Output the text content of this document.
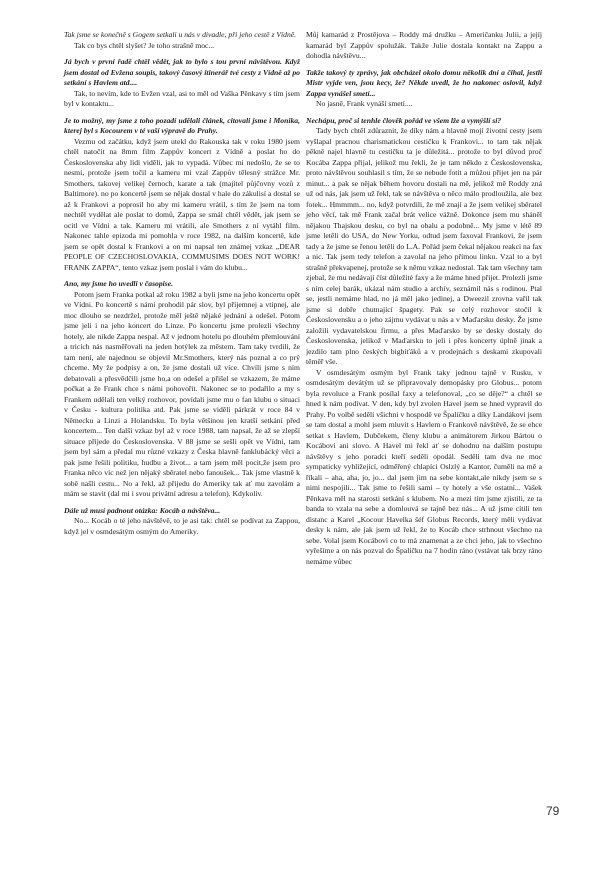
Tak jsme se konečně s Gogem setkali u nás v divadle, při jeho cestě z Vídně.

Tak co bys chtěl slyšet? Je toho strašně moc...

Já bych v první řadě chtěl vědět, jak to bylo s tou první návštěvou. Když jsem dostal od Evžena soupis, takový časový itinerář tvé cesty z Vídně až po setkání s Havlem atd....

Tak, to nevím, kde to Evžen vzal, asi to měl od Vaška Pěnkavy s tím jsem byl v kontaktu...

Je to možný, my jsme z toho pozadí udělali článek, citovali jsme i Monika, kterej byl s Kocourem v té vaší výpravě do Prahy.

Vezmu od začátku, když jsem utekl do Rakouska tak v roku 1980 jsem chtěl natočit na 8mm film Zappův koncert z Vídně a poslat ho do Československa aby lidi viděli, jak to vypadá. Vůbec mi nedošlo, že se to nesmí, protože jsem točil a kameru mi vzal Zappův tělesný strážce Mr. Smothers, takovej velikej černoch, karate a tak (majitel půjčovny vozů z Baltimore). no po koncertě jsem se nějak dostal v hale do zákulisí a dostal se až k Frankovi a poprosil ho aby mi kameru vrátil, s tím že jsem na tom nechtěl vydělat ale poslat to domů, Zappa se smál chtěl vědět, jak jsem se ocitl ve Vídni a tak. Kameru mi vrátili, ale Smothers z ní vytáhl film. Nakonec tahle epizoda mi pomohla v roce 1982, na dalším koncertě, kde jsem se opět dostal k Frankovi a on mi napsal ten známej vzkaz „DEAR PEOPLE OF CZECHOSLOVAKIA, COMMUSIMS DOES NOT WORK! FRANK ZAPPA“, tento vzkaz jsem poslal i vám do klubu...

Ano, my jsme ho uvedli v časopise.

Potom jsem Franka potkal až roku 1982 a byli jsme na jeho koncertu opět ve Vídni. Po koncertě s námi prohodil pár slov, byl příjemnej a vtipnej, ale moc dlouho se nezdržel, protože měl ještě nějaké jednání a odešel. Potom jsme jeli i na jeho koncert do Linze. Po koncertu jsme prolezli všechny hotely, ale nikde Zappa nespal. Až v jednom hotelu po dlouhém přemlouvání a tricích nás nasměřovali na jeden hotýlek za městem. Tam taky tvrdili, že tam není, ale najednou se objevil Mr.Smothers, který nás poznal a co prý chceme. My že podpisy a on, že jsme dostali už více. Chvíli jsme s ním debatovali a přesvědčili jsme ho,a on odešel a přišel se vzkazem, že máme počkat a že Frank chce s námi pohovořit. Nakonec se to podařilo a my s Frankem udělali ten velký rozhovor, povídali jsme mu o fan klubu o situaci v Česku - kultura politika atd. Pak jsme se viděli párkrát v roce 84 v Německu a Linzi a Holandsku. To byla většinou jen kratší setkání před koncertem... Ten další vzkaz byl až v roce 1988, tam napsal, že až se zlepší situace přijede do Československa. V 88 jsme se sešli opět ve Vídni, tam jsem byl sám a předal mu různé vzkazy z Česka hlavně fanklubácký věci a pak jsme řešili politiku, hudbu a život... a tam jsem měl pocit,že jsem pro Franka něco víc než jen nějaký sběratel nebo fanoušek... Tak jsme vlastně k sobě našli cestu... No a řekl, až přijedu do Ameriky tak ať mu zavolám a mám se stavit (dal mi i svou privátní adresu a telefon). Kdykoliv.

Dále už musí padnout otázka: Kocáb a návštěva...

No... Kocáb o té jeho návštěvě, to je asi tak: chtěl se podívat za Zappou, když jel v osmdesátým osmým do Ameriky.

Můj kamarád z Prostějova – Roddy má družku – Američanku Julii, a jejíj kamarád byl Zappův spolužák. Takže Julie dostala kontakt na Zappu a dohodla návštěvu...

Takže takový ty zprávy, jak obcházel okolo domu několik dní a čihal, jestli Mistr vyjde ven, jsou kecy, že? Někde uvedl, že ho nakonec oslovil, když Zappa vynášel smetí...

No jasně, Frank vynáší smetí....

Nechápu, proč si tenhle člověk pořád ve všem lže a vymýšlí si?

Tady bych chtěl zdůraznit, že díky nám a hlavně mojí životní cesty jsem vyšlapal pracnou charismatickou cestičku k Frankovi... to tam tak nějak pěkně najel hlavně tu cestičku ta je důležitá... protože to byl důvod proč Kocába Zappa přijal, jelikož mu řekli, že je tam někdo z Československa, proto návštěvou souhlasil s tím, že se nebude fotit a můžou přijet jen na pár minut... a pak se nějak během hovoru dostali na mě, jelikož mě Roddy zná už od nás, jak jsem už řekl, tak se návštěva o něco málo prodloužila, ale bez fotek... Hmmmm... no, když potvrdili, že mě znají a že jsem velikej sběratel jeho věcí, tak mě Frank začal brát velice vážně. Dokonce jsem mu sháněl nějakou Thajskou desku, co byl na obalu a podobně... My jsme v létě 89 jsme letěli do USA, do New Yorku, odtud jsem faxoval Frankovi, že jsem tady a že jsme se řenou letěli do L.A. Pořád jsem čekal nějakou reakci na fax a nic. Tak jsem tedy telefon a zavolal na jeho přímou linku. Vzal to a byl strašně překvapenej, protože se k němu vzkaz nedostal. Tak tam všechny tam zjebal, že mu nedávají číst důležité faxy a že máme hned přijet. Prolezli jsme s ním celej barák, ukázal nám studio a archív, seznámil nás s rodinou. Ptal se, jestli nemáme hlad, no já měl jako jedinej, a Dweezil zrovna vařil tak jsme si dobře chutnající špagety. Pak se celý rozhovor stočil k Československu a o jeho zájmu vydávat u nás a v Maďarsku desky. Že jsme založili vydavatelskou firmu, a přes Maďarsko by se desky dostaly do Československa, jelikož v Maďarsku to jeli i přes koncerty úplně jinak a jezdilo tam plno českých bigbíťáků a v prodejnách s deskami zkupovali těměř vše.

V osmdesátým osmým byl Frank taky jednou tajně v Rusku, v osmdesátým devátým už se připravovaly demopásky pro Globus... potom byla revoluce a Frank posílal faxy a telefonoval, „co se děje?“ a chtěl se hned k nám podívat. V den, kdy byl zvolen Havel jsem se hned vypravil do Prahy. Po volbě seděli všichni v hospodě ve Špalíčku a díky Landákovi jsem se tam dostal a mohl jsem mluvit s Havlem o Frankově návštěvě, že se ehce setkat s Havlem, Dubčekem, členy klubu a animátorem Jirkou Bártou o Kocábovi ani slovo. A Havel mi řekl ať se dohodnu na dalším postupu návštěvy s jeho poradci kteří seděli opodál. Seděli tam dva ne moc sympaticky vyhlížející, odměřený chlapíci Oslzlý a Kantor, čuměli na mě a říkali – aha, aha, jo, jo... dal jsem jim na sebe kontakt,ale nikdy jsem se s nimi nespojili... Tak jsme to řešili sami – ty hotely a vše ostatní... Vašek Pěnkava měl na starosti setkání s klubem. No a mezi tím jsme zjistili, ze ta banda to vzala na sebe a domlouvá se tajně bez nás... A už jsme cítili ten distanc a Karel „Kocour Havelka šéf Globus Records, který měli vydávat desky k nám, ale jak jsem už řekl, že to Kocáb chce strhnout všechno na sebe. Volal jsem Kocábovi co to má znamenat a ze chci jeho, jak to všechno vyřešíme a on nás pozval do Špalíčku na 7 hodin ráno (vstávat tak brzy ráno nemáme vůbec

79
